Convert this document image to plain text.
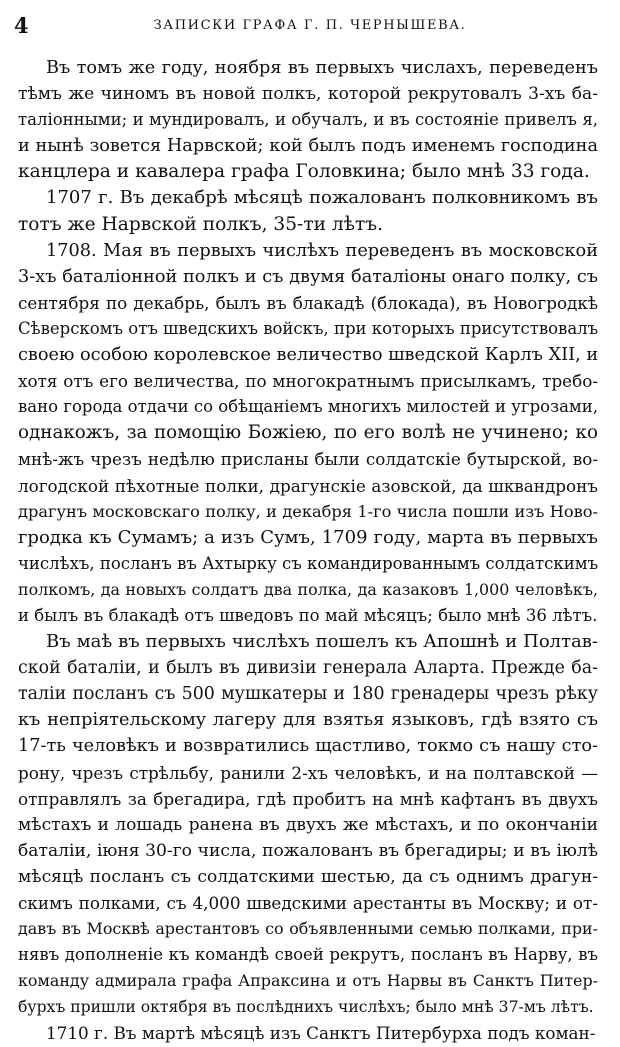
4	ЗАПИСКИ ГРАФА Г. П. ЧЕРНЫШЕВА.
Въ томъ же году, ноября въ первыхъ числахъ, переведенъ
тѣмъ же чиномъ въ новой полкъ, которой рекрутовалъ 3-хъ ба-
таліонными; и мундировалъ, и обучалъ, и въ состояніе привелъ я,
и нынѣ зовется Нарвской; кой былъ подъ именемъ господина
канцлера и кавалера графа Головкина; было мнѣ 33 года.
1707 г. Въ декабрѣ мѣсяцѣ пожалованъ полковникомъ въ
тотъ же Нарвской полкъ, 35-ти лѣтъ.
1708. Мая въ первыхъ числѣхъ переведенъ въ московской
3-хъ баталіонной полкъ и съ двумя баталіоны онаго полку, съ
сентября по декабрь, былъ въ блакадѣ (блокада), въ Новогродкѣ
Сѣверскомъ отъ шведскихъ войскъ, при которыхъ присутствовалъ
своею особою королевское величество шведской Карлъ XII, и
хотя отъ его величества, по многократнымъ присылкамъ, требо-
вано города отдачи со обѣщаніемъ многихъ милостей и угрозами,
однакожъ, за помощію Божіею, по его волѣ не учинено; ко
мнѣ-жъ чрезъ недѣлю присланы были солдатскіе бутырской, во-
логодской пѣхотные полки, драгунскіе азовской, да шквандронъ
драгунъ московскаго полку, и декабря 1-го числа пошли изъ Ново-
гродка къ Сумамъ; а изъ Сумъ, 1709 году, марта въ первыхъ
числѣхъ, посланъ въ Ахтырку съ командированнымъ солдатскимъ
полкомъ, да новыхъ солдатъ два полка, да казаковъ 1,000 человѣкъ,
и былъ въ блакадѣ отъ шведовъ по май мѣсяцъ; было мнѣ 36 лѣтъ.
Въ маѣ въ первыхъ числѣхъ пошелъ къ Апошнѣ и Полтав-
ской баталіи, и былъ въ дивизіи генерала Аларта. Прежде ба-
таліи посланъ съ 500 мушкатеры и 180 гренадеры чрезъ рѣку
къ непріятельскому лагеру для взятья языковъ, гдѣ взято съ
17-ть человѣкъ и возвратились щастливо, токмо съ нашу сто-
рону, чрезъ стрѣльбу, ранили 2-хъ человѣкъ, и на полтавской —
отправлялъ за брегадира, гдѣ пробитъ на мнѣ кафтанъ въ двухъ
мѣстахъ и лошадь ранена въ двухъ же мѣстахъ, и по окончаніи
баталіи, іюня 30-го числа, пожалованъ въ брегадиры; и въ іюлѣ
мѣсяцѣ посланъ съ солдатскими шестью, да съ однимъ драгун-
скимъ полками, съ 4,000 шведскими арестанты въ Москву; и от-
давъ въ Москвѣ арестантовъ со объявленными семью полками, при-
нявъ дополненіе къ командѣ своей рекрутъ, посланъ въ Нарву, въ
команду адмирала графа Апраксина и отъ Нарвы въ Санктъ Питер-
бурхъ пришли октября въ послѣднихъ числѣхъ; было мнѣ 37-мъ лѣтъ.
1710 г. Въ мартѣ мѣсяцѣ изъ Санктъ Питербурха подъ коман-
